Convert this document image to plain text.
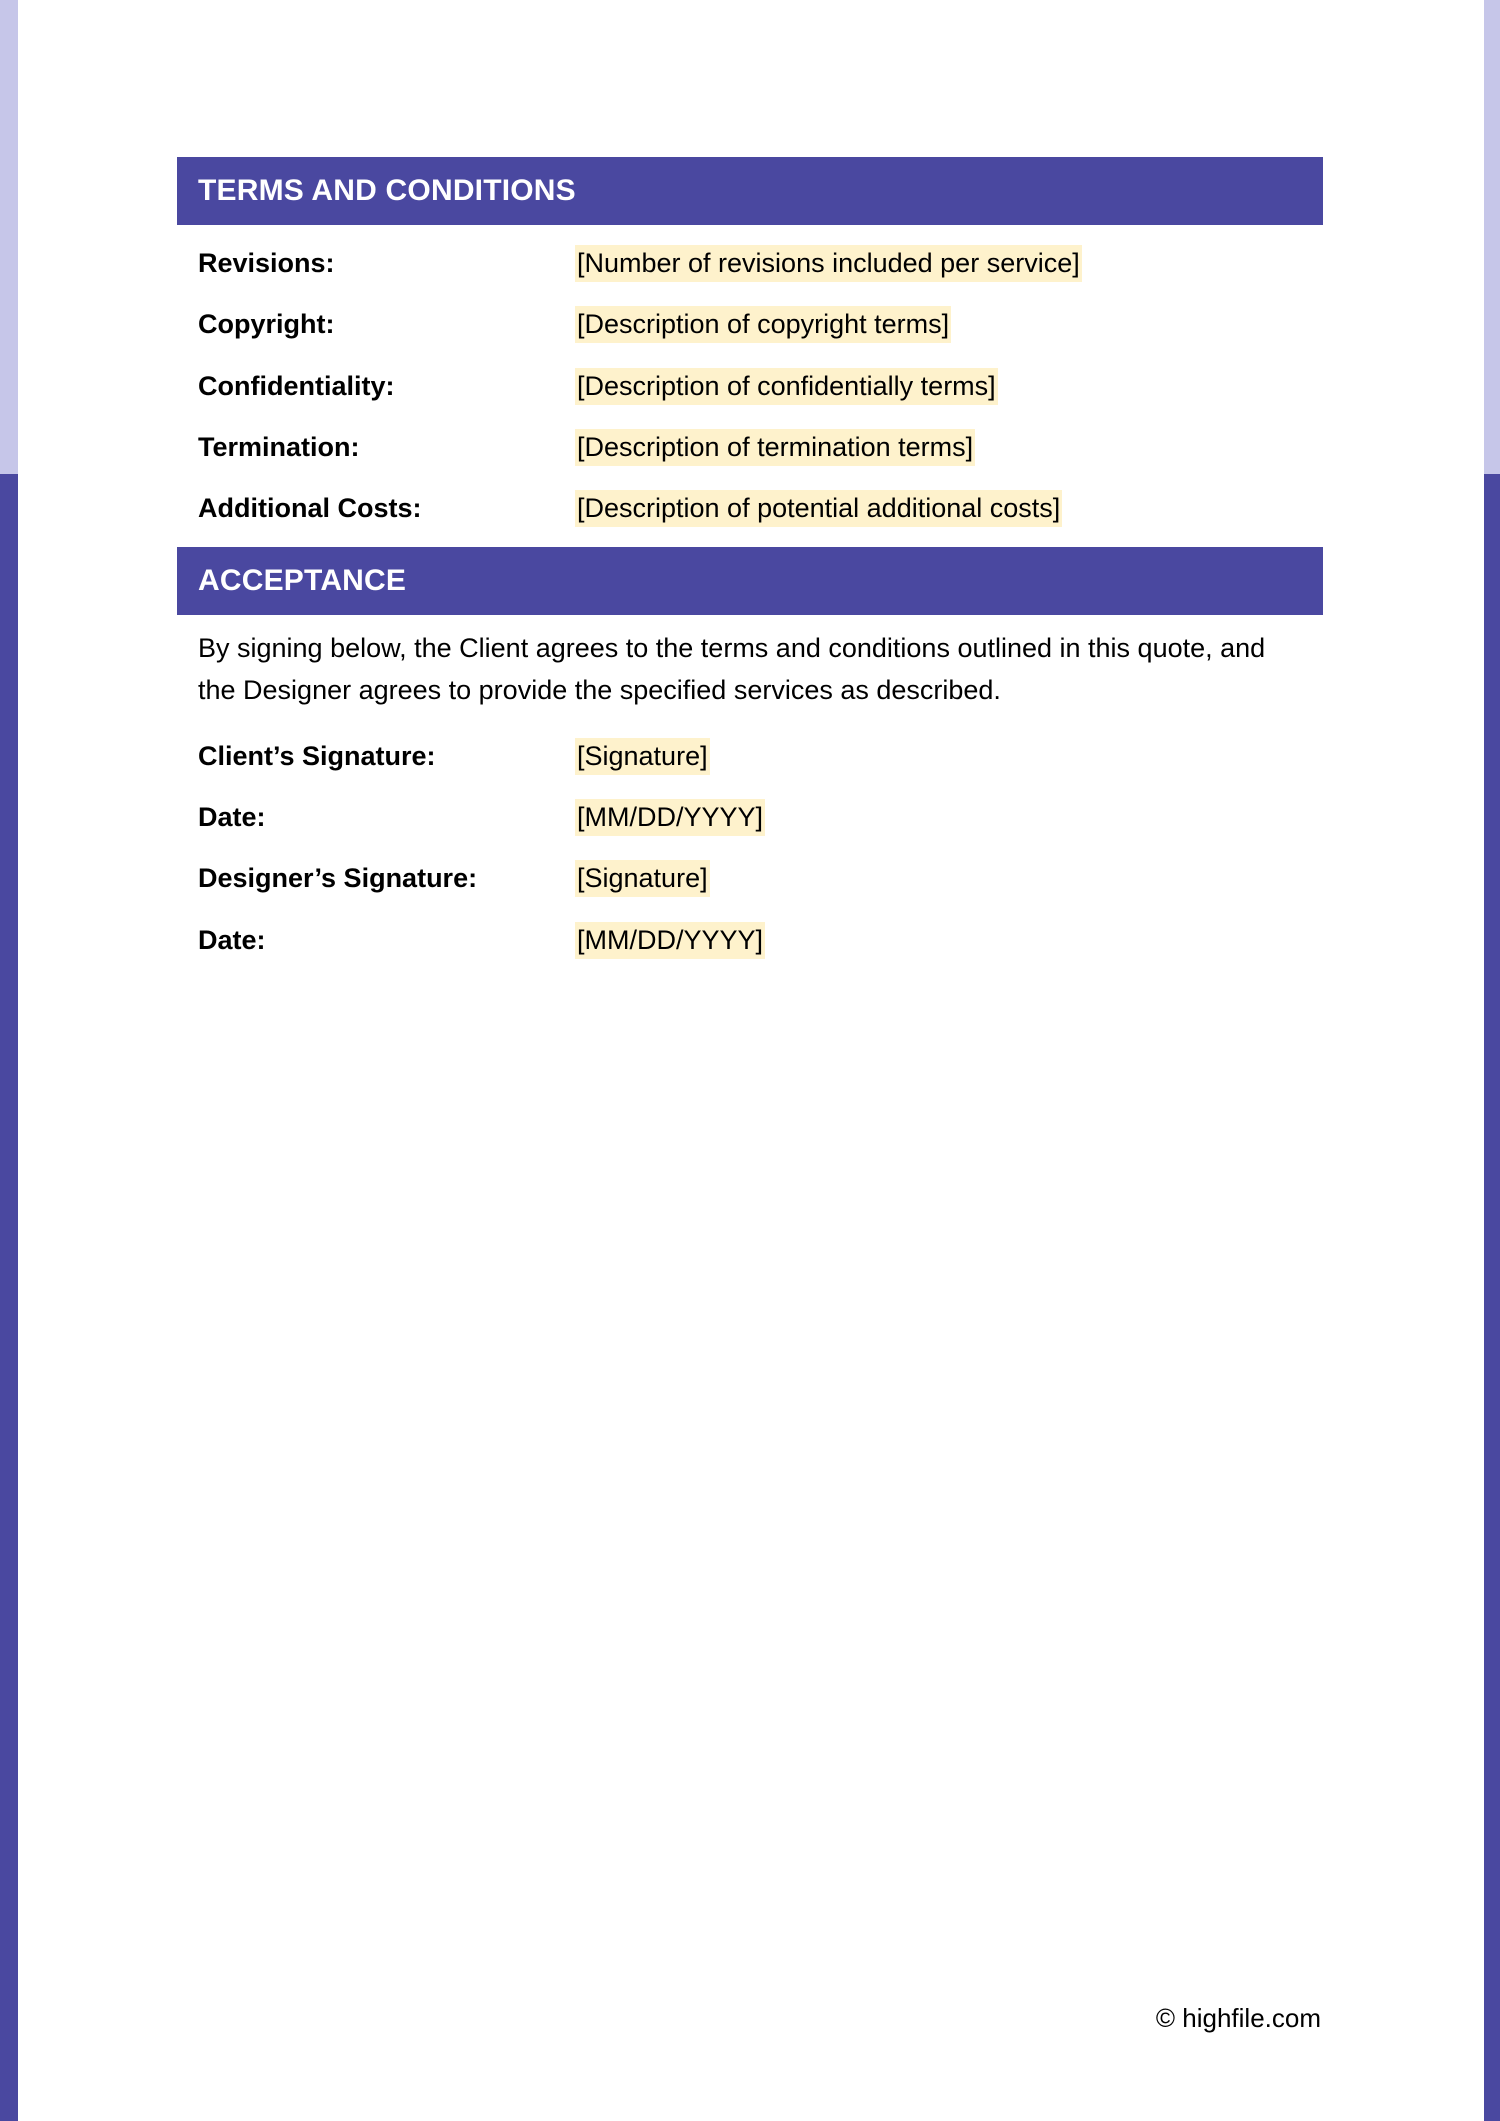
TERMS AND CONDITIONS
Revisions:	[Number of revisions included per service]
Copyright:	[Description of copyright terms]
Confidentiality:	[Description of confidentially terms]
Termination:	[Description of termination terms]
Additional Costs:	[Description of potential additional costs]
ACCEPTANCE

By signing below, the Client agrees to the terms and conditions outlined in this quote, and the Designer agrees to provide the specified services as described.

Client’s Signature:	[Signature]
Date:	[MM/DD/YYYY]
Designer’s Signature:	[Signature]
Date:	[MM/DD/YYYY]
© highfile.com
